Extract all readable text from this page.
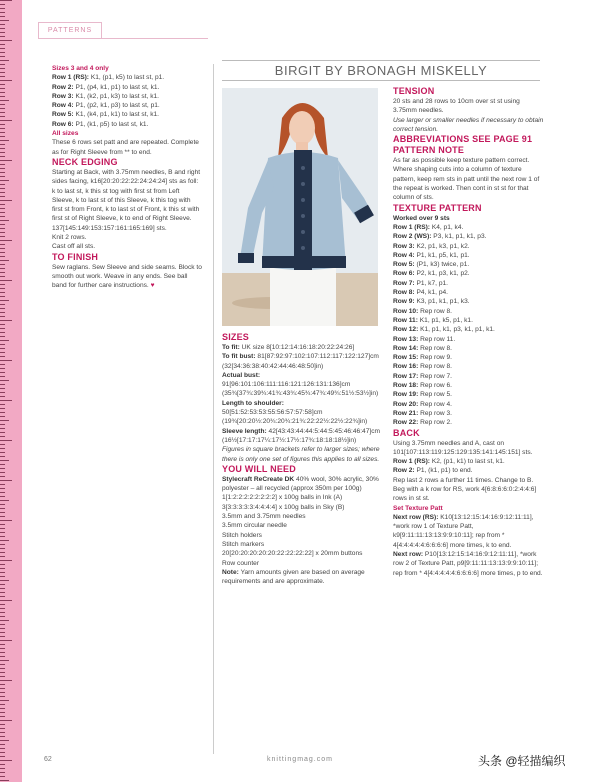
PATTERNS
BIRGIT BY BRONAGH MISKELLY

Sizes 3 and 4 only

Row 1 (RS): K1, (p1, k5) to last st, p1.

Row 2: P1, (p4, k1, p1) to last st, k1.

Row 3: K1, (k2, p1, k3) to last st, k1.

Row 4: P1, (p2, k1, p3) to last st, p1.

Row 5: K1, (k4, p1, k1) to last st, k1.

Row 6: P1, (k1, p5) to last st, k1.

All sizes

These 6 rows set patt and are repeated. Complete as for Right Sleeve from ** to end.

NECK EDGING

Starting at Back, with 3.75mm needles, B and right sides facing, k16[20:20:22:22:24:24:24] sts as foll: k to last st, k this st tog with first st from Left Sleeve, k to last st of this Sleeve, k this tog with first st from Front, k to last st of Front, k this st with first st of Right Sleeve, k to end of Right Sleeve. 137[145:149:153:157:161:165:169] sts.

Knit 2 rows.

Cast off all sts.

TO FINISH

Sew raglans. Sew Sleeve and side seams. Block to smooth out work. Weave in any ends. See ball band for further care instructions. ♥

SIZES

To fit: UK size 8[10:12:14:16:18:20:22:24:26]

To fit bust: 81[87:92:97:102:107:112:117:122:127]cm (32[34:36:38:40:42:44:46:48:50]in)

Actual bust: 91[96:101:106:111:116:121:126:131:136]cm (35¾[37¾:39¾:41¾:43¾:45¾:47¾:49¾:51½:53½]in)

Length to shoulder: 50[51:52:53:53:55:56:57:57:58]cm (19¾[20:20½:20¾:20¾:21¾:22:22½:22½:22¾]in)

Sleeve length: 42[43:43:44:44:5:44:5:45:46:46:47]cm (16½[17:17:17¼:17½:17½:17¾:18:18:18½]in)

Figures in square brackets refer to larger sizes; where there is only one set of figures this applies to all sizes.

YOU WILL NEED

Stylecraft ReCreate DK 40% wool, 30% acrylic, 30% polyester – all recycled (approx 350m per 100g)

1[1:2:2:2:2:2:2:2:2] x 100g balls in Ink (A)

3[3:3:3:3:3:4:4:4:4] x 100g balls in Sky (B)

3.5mm and 3.75mm needles

3.5mm circular needle

Stitch holders

Stitch markers

20[20:20:20:20:20:22:22:22:22] x 20mm buttons

Row counter

Note: Yarn amounts given are based on average requirements and are approximate.

TENSION

20 sts and 28 rows to 10cm over st st using 3.75mm needles.

Use larger or smaller needles if necessary to obtain correct tension.

ABBREVIATIONS SEE PAGE 91

PATTERN NOTE

As far as possible keep texture pattern correct. Where shaping cuts into a column of texture pattern, keep rem sts in patt until the next row 1 of the repeat is worked. Then cont in st st for that column of sts.

TEXTURE PATTERN

Worked over 9 sts

Row 1 (RS): K4, p1, k4.

Row 2 (WS): P3, k1, p1, k1, p3.

Row 3: K2, p1, k3, p1, k2.

Row 4: P1, k1, p5, k1, p1.

Row 5: (P1, k3) twice, p1.

Row 6: P2, k1, p3, k1, p2.

Row 7: P1, k7, p1.

Row 8: P4, k1, p4.

Row 9: K3, p1, k1, p1, k3.

Row 10: Rep row 8.

Row 11: K1, p1, k5, p1, k1.

Row 12: K1, p1, k1, p3, k1, p1, k1.

Row 13: Rep row 11.

Row 14: Rep row 8.

Row 15: Rep row 9.

Row 16: Rep row 8.

Row 17: Rep row 7.

Row 18: Rep row 6.

Row 19: Rep row 5.

Row 20: Rep row 4.

Row 21: Rep row 3.

Row 22: Rep row 2.

BACK

Using 3.75mm needles and A, cast on 101[107:113:119:125:129:135:141:145:151] sts.

Row 1 (RS): K2, (p1, k1) to last st, k1.

Row 2: P1, (k1, p1) to end.

Rep last 2 rows a further 11 times. Change to B.

Beg with a k row for RS, work 4[6:8:6:6:0:2:4:4:6] rows in st st.

Set Texture Patt

Next row (RS): K10[13:12:15:14:16:9:12:11:11], *work row 1 of Texture Patt, k9[9:11:11:13:13:9:9:10:11]; rep from * 4[4:4:4:4:4:6:6:6:6] more times, k to end.

Next row: P10[13:12:15:14:16:9:12:11:11], *work row 2 of Texture Patt, p9[9:11:11:13:13:9:9:10:11]; rep from * 4[4:4:4:4:4:6:6:6:6] more times, p to end.

62	knittingmag.com	头条 @轻描编织
